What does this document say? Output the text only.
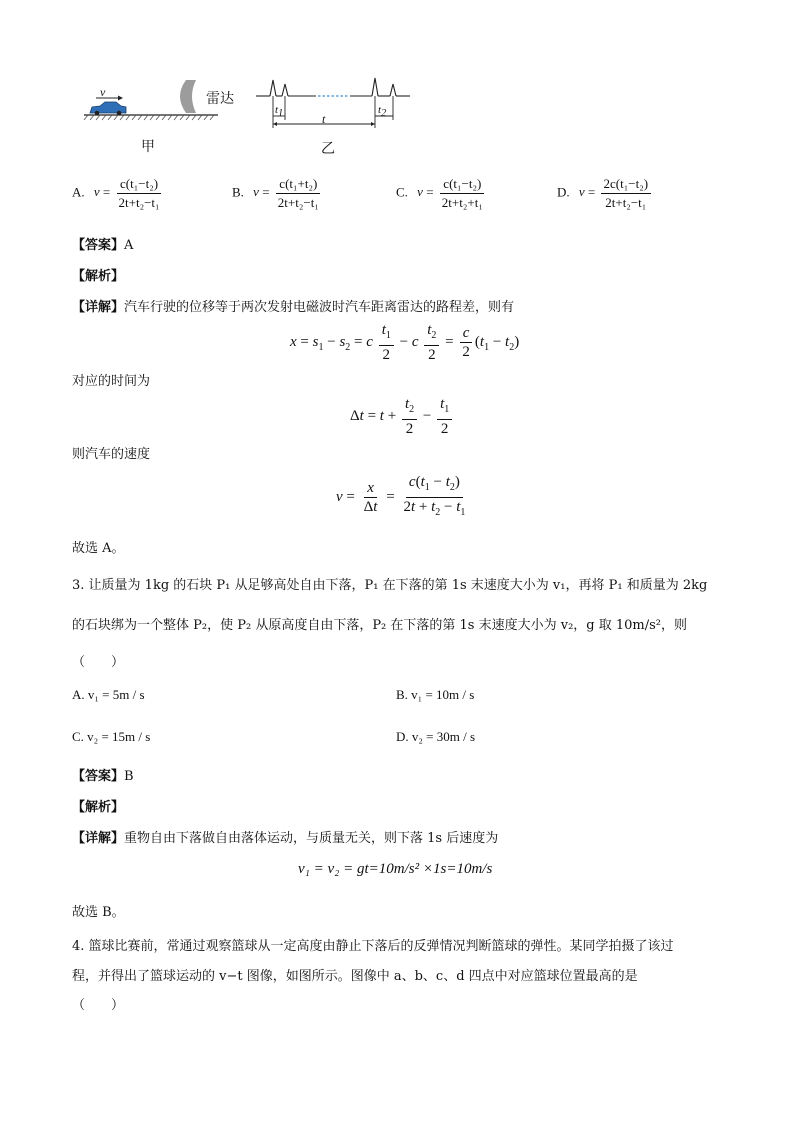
v	雷达
甲	乙
$t_1$	$t_2$
t
A. $v = \frac{\text{c(t₁−t₂)}}{\text{2t+t₂−t₁}}$	B. $v = \frac{\text{c(t₁+t₂)}}{\text{2t+t₂−t₁}}$	C. $v = \frac{\text{c(t₁−t₂)}}{\text{2t+t₂+t₁}}$	D. $v = \frac{\text{2c(t₁−t₂)}}{\text{2t+t₂−t₁}}$
【答案】A
【解析】
【详解】汽车行驶的位移等于两次发射电磁波时汽车距离雷达的路程差，则有
$x = s_1 - s_2 = c \frac{t_1}{2} - c \frac{t_2}{2} = \frac{c}{2} (t_1 - t_2)$
对应的时间为
$\Delta t = t + \frac{t_2}{2} - \frac{t_1}{2}$
则汽车的速度
$v = \frac{x}{\Delta t} = \frac{c(t_1 - t_2)}{2t + t_2 - t_1}$
故选 A。
3. 让质量为 1kg 的石块 P₁ 从足够高处自由下落，P₁ 在下落的第 1s 末速度大小为 v₁，再将 P₁ 和质量为 2kg
的石块绑为一个整体 P₂，使 P₂ 从原高度自由下落，P₂ 在下落的第 1s 末速度大小为 v₂，g 取 10m/s²，则
（　　）
A. v₁ = 5m / s	B. v₁ = 10m / s
C. v₂ = 15m / s	D. v₂ = 30m / s
【答案】B
【解析】
【详解】重物自由下落做自由落体运动，与质量无关，则下落 1s 后速度为
v₁ = v₂ = gt=10m/s² ×1s=10m/s
故选 B。
4. 篮球比赛前，常通过观察篮球从一定高度由静止下落后的反弹情况判断篮球的弹性。某同学拍摄了该过
程，并得出了篮球运动的 v−t 图像，如图所示。图像中 a、b、c、d 四点中对应篮球位置最高的是
（　　）
